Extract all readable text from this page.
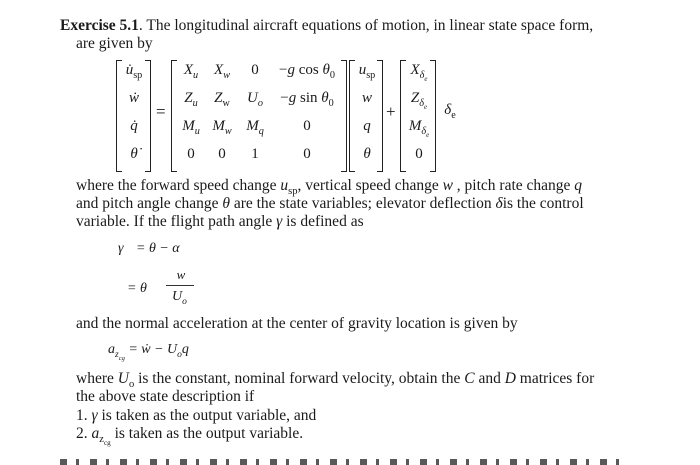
Exercise 5.1. The longitudinal aircraft equations of motion, in linear state space form,
are given by
$u̇_{sp}$
ẇ
q̇
θ̇
=
$X_u$	$X_w$	0	−g $\cos \theta_0$
$Z_u$	$Z_w$	$U_o$	−g $\sin \theta_0$
$M_u$ $M_w$ $M_q$	0
0	0	1	0
$u_{sp}$
w
q
θ
+
$X_{\delta_e}$
$Z_{\delta_e}$
$M_{\delta_e}$
0
$\delta_e$
where the forward speed change $u_{sp}$, vertical speed change w , pitch rate change q
and pitch angle change θ are the state variables; elevator deflection δis the control
variable. If the flight path angle γ is defined as
γ = θ − α
= θ
w
$U_o$
and the normal acceleration at the center of gravity location is given by
$a_{z_{cg}}$ = ẇ − $U_oq$
where $U_o$ is the constant, nominal forward velocity, obtain the C and D matrices for
the above state description if
1. γ is taken as the output variable, and
2. $a_{z_{cg}}$ is taken as the output variable.
